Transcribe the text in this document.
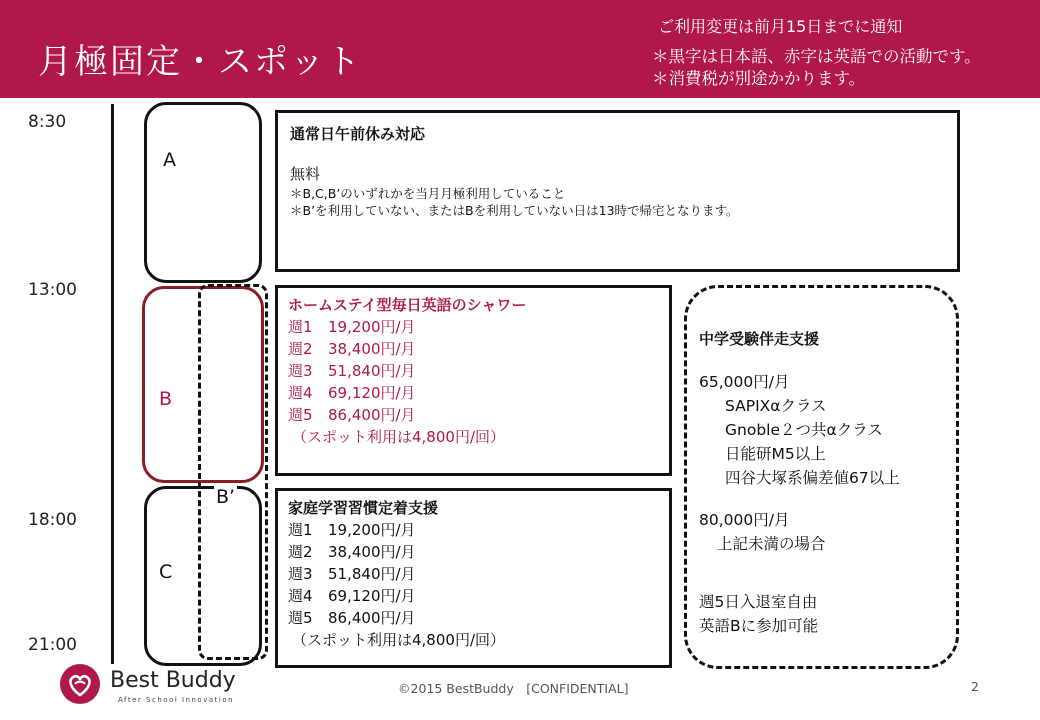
月極固定・スポット
ご利用変更は前月15日までに通知
＊黒字は日本語、赤字は英語での活動です。
＊消費税が別途かかります。
8:30
13:00
18:00
21:00
A
B
C
B’
通常日午前休み対応
無料
＊B,C,B’のいずれかを当月月極利用していること
＊B’を利用していない、またはBを利用していない日は13時で帰宅となります。
ホームステイ型毎日英語のシャワー
週1 19,200円/月
週2 38,400円/月
週3 51,840円/月
週4 69,120円/月
週5 86,400円/月
（スポット利用は4,800円/回）
家庭学習習慣定着支援
週1 19,200円/月
週2 38,400円/月
週3 51,840円/月
週4 69,120円/月
週5 86,400円/月
（スポット利用は4,800円/回）
中学受験伴走支援
65,000円/月
SAPIXαクラス
Gnoble２つ共αクラス
日能研M5以上
四谷大塚系偏差値67以上
80,000円/月
上記未満の場合
週5日入退室自由
英語Bに参加可能
Best Buddy
After School Innovation
©2015 BestBuddy　[CONFIDENTIAL]	2
